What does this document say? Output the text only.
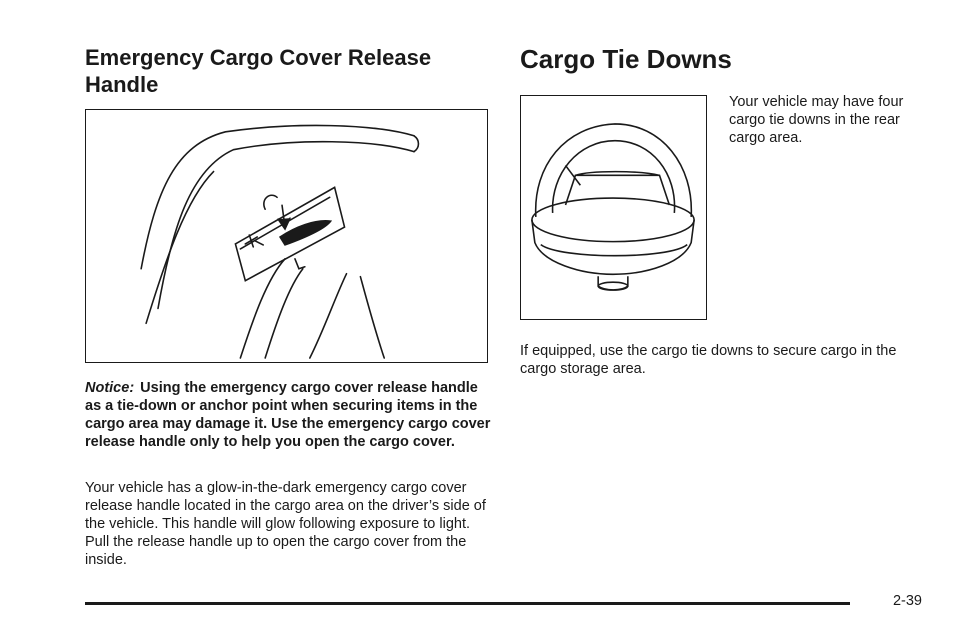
Emergency Cargo Cover Release Handle
Cargo Tie Downs

Notice: Using the emergency cargo cover release handle as a tie-down or anchor point when securing items in the cargo area may damage it. Use the emergency cargo cover release handle only to help you open the cargo cover.

Your vehicle has a glow-in-the-dark emergency cargo cover release handle located in the cargo area on the driver’s side of the vehicle. This handle will glow following exposure to light. Pull the release handle up to open the cargo cover from the inside.

Your vehicle may have four cargo tie downs in the rear cargo area.

If equipped, use the cargo tie downs to secure cargo in the cargo storage area.

2-39
